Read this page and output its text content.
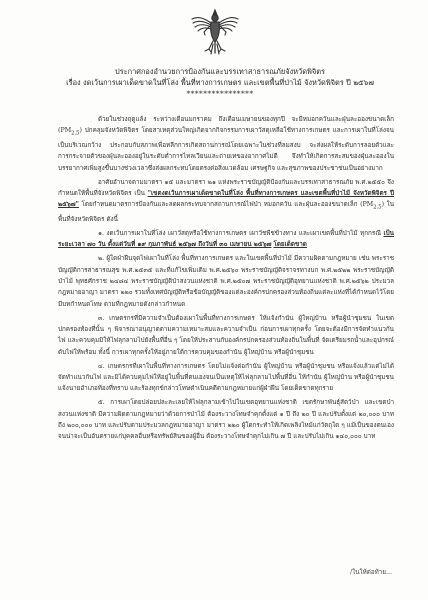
ประกาศกองอำนวยการป้องกันและบรรเทาสาธารณภัยจังหวัดพิจิตร
เรื่อง งดเว้นการเผาเด็ดขาดในที่โล่ง พื้นที่ทางการเกษตร และเขตพื้นที่ป่าไม้ จังหวัดพิจิตร ปี ๒๕๖๗
****************

ด้วยในช่วงฤดูแล้ง ระหว่างเดือนมกราคม ถึงเดือนเมษายนของทุกปี จะมีหมอกควันและฝุ่นละอองขนาดเล็ก $(PM_{2.5})$ ปกคลุมจังหวัดพิจิตร โดยสาเหตุส่วนใหญ่เกิดจากกิจกรรมการเผาวัสดุเหลือใช้ทางการเกษตร และการเผาในที่โล่งจนเป็นบริเวณกว้าง ประกอบกับสภาพเพื่อหลีกการเกิดสถานการณ์โดยเฉพาะในช่วงที่ลมสงบ จะส่งผลให้ระดับการลอยตัวและการกระจายตัวของฝุ่นละอองอยู่ในระดับต่ำการไหลเวียนและถ่ายเทของอากาศไม่ดี จึงทำให้เกิดการสะสมของฝุ่นละอองในบรรยากาศเพิ่มสูงขึ้นบางช่วงเวลาซึ่งส่งผลกระทบโดยตรงต่อสิ่งแวดล้อม เศรษฐกิจ และสุขภาพของประชาชนเป็นอย่างมาก

อาศัยอำนาจตามมาตรา ๑๕ และมาตรา ๒๑ แห่งพระราชบัญญัติป้องกันและบรรเทาสาธารณภัย พ.ศ.๒๕๕๐ จึงกำหนดให้พื้นที่จังหวัดพิจิตร เป็น "เขตงดเว้นการเผาเด็ดขาดในที่โล่ง พื้นที่ทางการเกษตร และเขตพื้นที่ป่าไม้ จังหวัดพิจิตร ปี ๒๕๖๗" โดยกำหนดมาตรการป้องกันและลดผลกระทบจากสถานการณ์ไฟป่า หมอกควัน และฝุ่นละอองขนาดเล็ก $(PM_{2.5})$ ในพื้นที่จังหวัดพิจิตร ดังนี้

๑. งดเว้นการเผาในที่โล่ง เผาวัสดุหรือใช้ทางการเกษตร เผาวัชพืชข้างทาง และเผาเขตพื้นที่ป่าไม้ ทุกกรณี เป็นระยะเวลา ๗๐ วัน ตั้งแต่วันที่ ๑๙ กุมภาพันธ์ ๒๕๖๗ ถึงวันที่ ๓๐ เมษายน ๒๕๖๗ โดยเด็ดขาด

๒. ผู้ใดฝ่าฝืนจุดไฟเผาในที่โล่ง พื้นที่ทางการเกษตร และในเขตพื้นที่ป่าไม้ มีความผิดตามกฎหมาย เช่น พระราชบัญญัติการสาธารณสุข พ.ศ.๒๕๓๕ และที่แก้ไขเพิ่มเติม พ.ศ.๒๕๖๐ พระราชบัญญัติจราจรทางบก พ.ศ.๒๕๒๒ พระราชบัญญัติป่าไม้ พุทธศักราช ๒๔๘๔ พระราชบัญญัติป่าสงวนแห่งชาติ พ.ศ.๒๕๐๗ พระราชบัญญัติอุทยานแห่งชาติ พ.ศ.๒๕๖๒ ประมวลกฎหมายอาญา มาตรา ๒๒๐ รวมทั้งเทศบัญญัติหรือข้อบัญญัติของแต่ละองค์กรปกครองส่วนท้องถิ่นแต่ละแห่งที่ได้กำหนดไว้โดยมีบทกำหนดโทษ ตามที่กฎหมายดังกล่าวกำหนด

๓. เกษตรกรที่มีความจำเป็นต้องเผาในพื้นที่ทางการเกษตร ให้แจ้งกำนัน ผู้ใหญ่บ้าน หรือผู้นำชุมชน ในเขตปกครองท้องที่นั้น ๆ พิจารณาอนุญาตตามความเหมาะสมและความจำเป็น ก่อนการเผาทุกครั้ง โดยจะต้องมีการจัดทำแนวกันไฟ และควบคุมมิให้ไฟลุกลามไปยังพื้นที่อื่น ๆ โดยให้ประสานกับองค์กรปกครองส่วนท้องถิ่นในพื้นที่ จัดเตรียมรถน้ำและอุปกรณ์ดับไฟให้พร้อม ทั้งนี้ การเผาทุกครั้งให้อยู่ภายใต้การควบคุมของกำนัน ผู้ใหญ่บ้าน หรือผู้นำชุมชน

๔. เกษตรกรที่เผาในพื้นที่ทางการเกษตร โดยไม่แจ้งต่อกำนัน ผู้ใหญ่บ้าน หรือผู้นำชุมชน หรือแจ้งแล้วแต่ไม่ได้จัดทำแนวกันไฟ และมิได้ควบคุมไฟให้อยู่ในพื้นที่ตนเองจนเป็นเหตุให้ไฟลุกลามไปพื้นที่อื่น ให้กำนัน ผู้ใหญ่บ้าน หรือผู้นำชุมชน แจ้งนายอำเภอท้องที่ทราบ และร้องทุกข์กล่าวโทษดำเนินคดีตามกฎหมายแก่ผู้ฝ่าฝืน โดยเด็ดขาดทุกราย

๕. การเผาโดยปล่อยปละละเลยให้ไฟลุกลามเข้าไปในเขตอุทยานแห่งชาติ เขตรักษาพันธุ์สัตว์ป่า และเขตป่าสงวนแห่งชาติ มีความผิดตามกฎหมายว่าด้วยการป่าไม้ ต้องระวางโทษจำคุกตั้งแต่ ๑ ปี ถึง ๒๐ ปี และปรับตั้งแต่ ๒๐,๐๐๐ บาท ถึง ๒๐๐,๐๐๐ บาท และปรับตามประมวลกฎหมายอาญา มาตรา ๒๒๐ ผู้ใดกระทำให้เกิดเพลิงไหม้แก่วัตถุใด ๆ แม้เป็นของตนเอง จนน่าจะเป็นอันตรายแก่บุคคลอื่นหรือทรัพย์สินของผู้อื่น ต้องระวางโทษจำคุกไม่เกิน ๗ ปี และปรับไม่เกิน ๑๔๐,๐๐๐ บาท

/ในให้ต่อท้าย...
